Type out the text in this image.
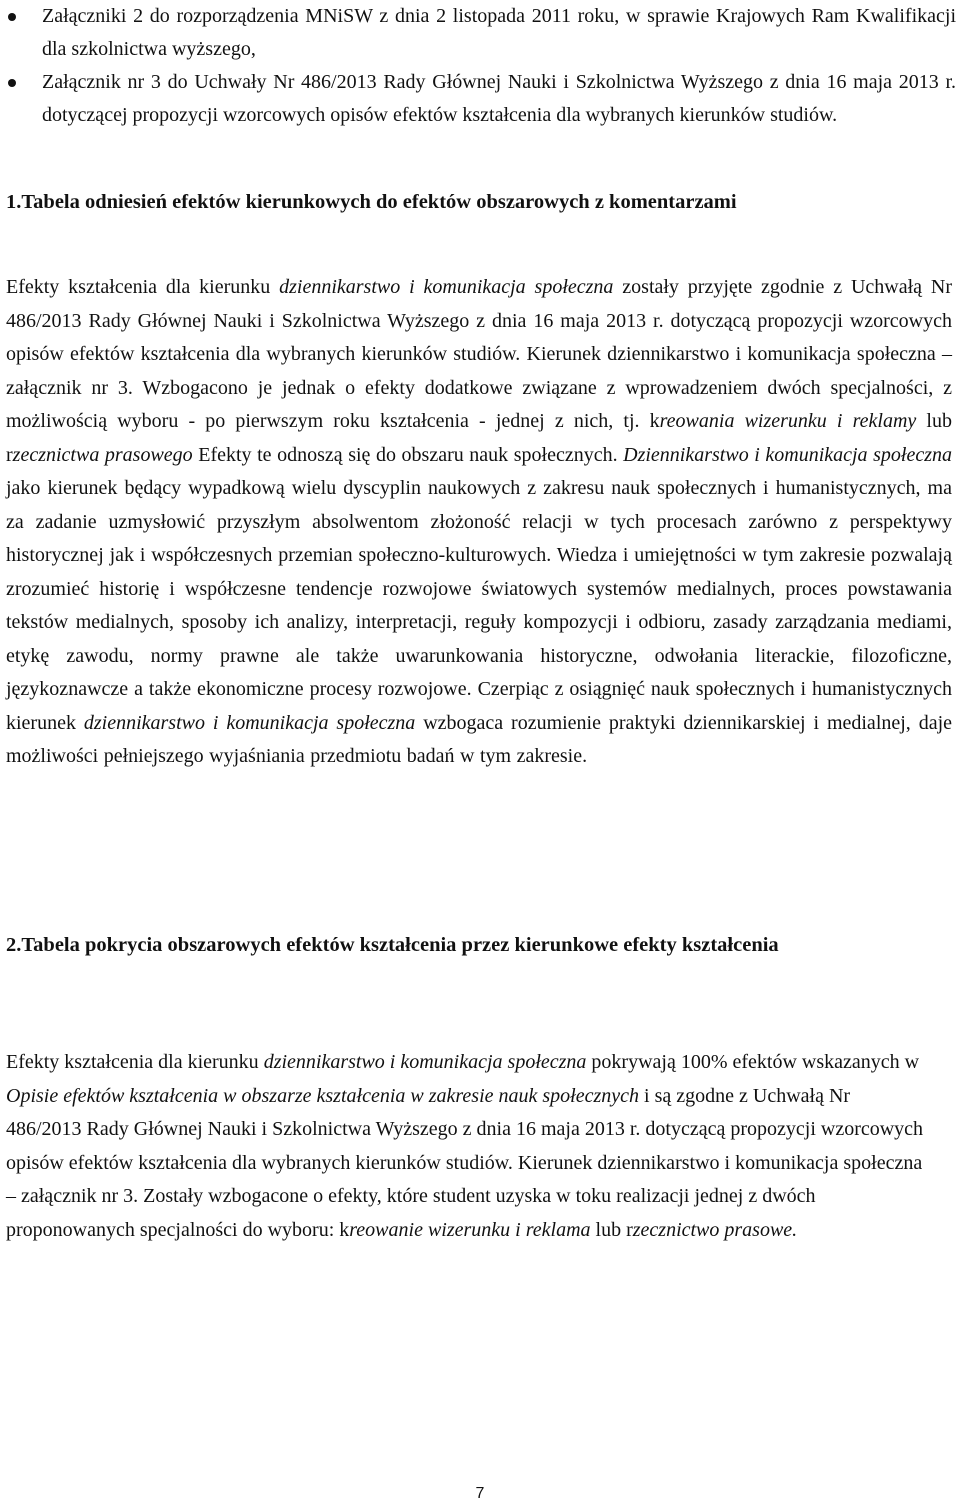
Załączniki 2 do rozporządzenia MNiSW z dnia 2 listopada 2011 roku, w sprawie Krajowych Ram Kwalifikacji dla szkolnictwa wyższego,
Załącznik nr 3 do Uchwały Nr 486/2013 Rady Głównej Nauki i Szkolnictwa Wyższego z dnia 16 maja 2013 r. dotyczącej propozycji wzorcowych opisów efektów kształcenia dla wybranych kierunków studiów.
1.Tabela odniesień efektów kierunkowych do efektów obszarowych z komentarzami

Efekty kształcenia dla kierunku dziennikarstwo i komunikacja społeczna zostały przyjęte zgodnie z Uchwałą Nr 486/2013 Rady Głównej Nauki i Szkolnictwa Wyższego z dnia 16 maja 2013 r. dotyczącą propozycji wzorcowych opisów efektów kształcenia dla wybranych kierunków studiów. Kierunek dziennikarstwo i komunikacja społeczna – załącznik nr 3. Wzbogacono je jednak o efekty dodatkowe związane z wprowadzeniem dwóch specjalności, z możliwością wyboru - po pierwszym roku kształcenia - jednej z nich, tj. kreowania wizerunku i reklamy lub rzecznictwa prasowego Efekty te odnoszą się do obszaru nauk społecznych. Dziennikarstwo i komunikacja społeczna jako kierunek będący wypadkową wielu dyscyplin naukowych z zakresu nauk społecznych i humanistycznych, ma za zadanie uzmysłowić przyszłym absolwentom złożoność relacji w tych procesach zarówno z perspektywy historycznej jak i współczesnych przemian społeczno-kulturowych. Wiedza i umiejętności w tym zakresie pozwalają zrozumieć historię i współczesne tendencje rozwojowe światowych systemów medialnych, proces powstawania tekstów medialnych, sposoby ich analizy, interpretacji, reguły kompozycji i odbioru, zasady zarządzania mediami, etykę zawodu, normy prawne ale także uwarunkowania historyczne, odwołania literackie, filozoficzne, językoznawcze a także ekonomiczne procesy rozwojowe. Czerpiąc z osiągnięć nauk społecznych i humanistycznych kierunek dziennikarstwo i komunikacja społeczna wzbogaca rozumienie praktyki dziennikarskiej i medialnej, daje możliwości pełniejszego wyjaśniania przedmiotu badań w tym zakresie.

2.Tabela pokrycia obszarowych efektów kształcenia przez kierunkowe efekty kształcenia

Efekty kształcenia dla kierunku dziennikarstwo i komunikacja społeczna pokrywają 100% efektów wskazanych w Opisie efektów kształcenia w obszarze kształcenia w zakresie nauk społecznych i są zgodne z Uchwałą Nr 486/2013 Rady Głównej Nauki i Szkolnictwa Wyższego z dnia 16 maja 2013 r. dotyczącą propozycji wzorcowych opisów efektów kształcenia dla wybranych kierunków studiów. Kierunek dziennikarstwo i komunikacja społeczna – załącznik nr 3. Zostały wzbogacone o efekty, które student uzyska w toku realizacji jednej z dwóch proponowanych specjalności do wyboru: kreowanie wizerunku i reklama lub rzecznictwo prasowe.

7
